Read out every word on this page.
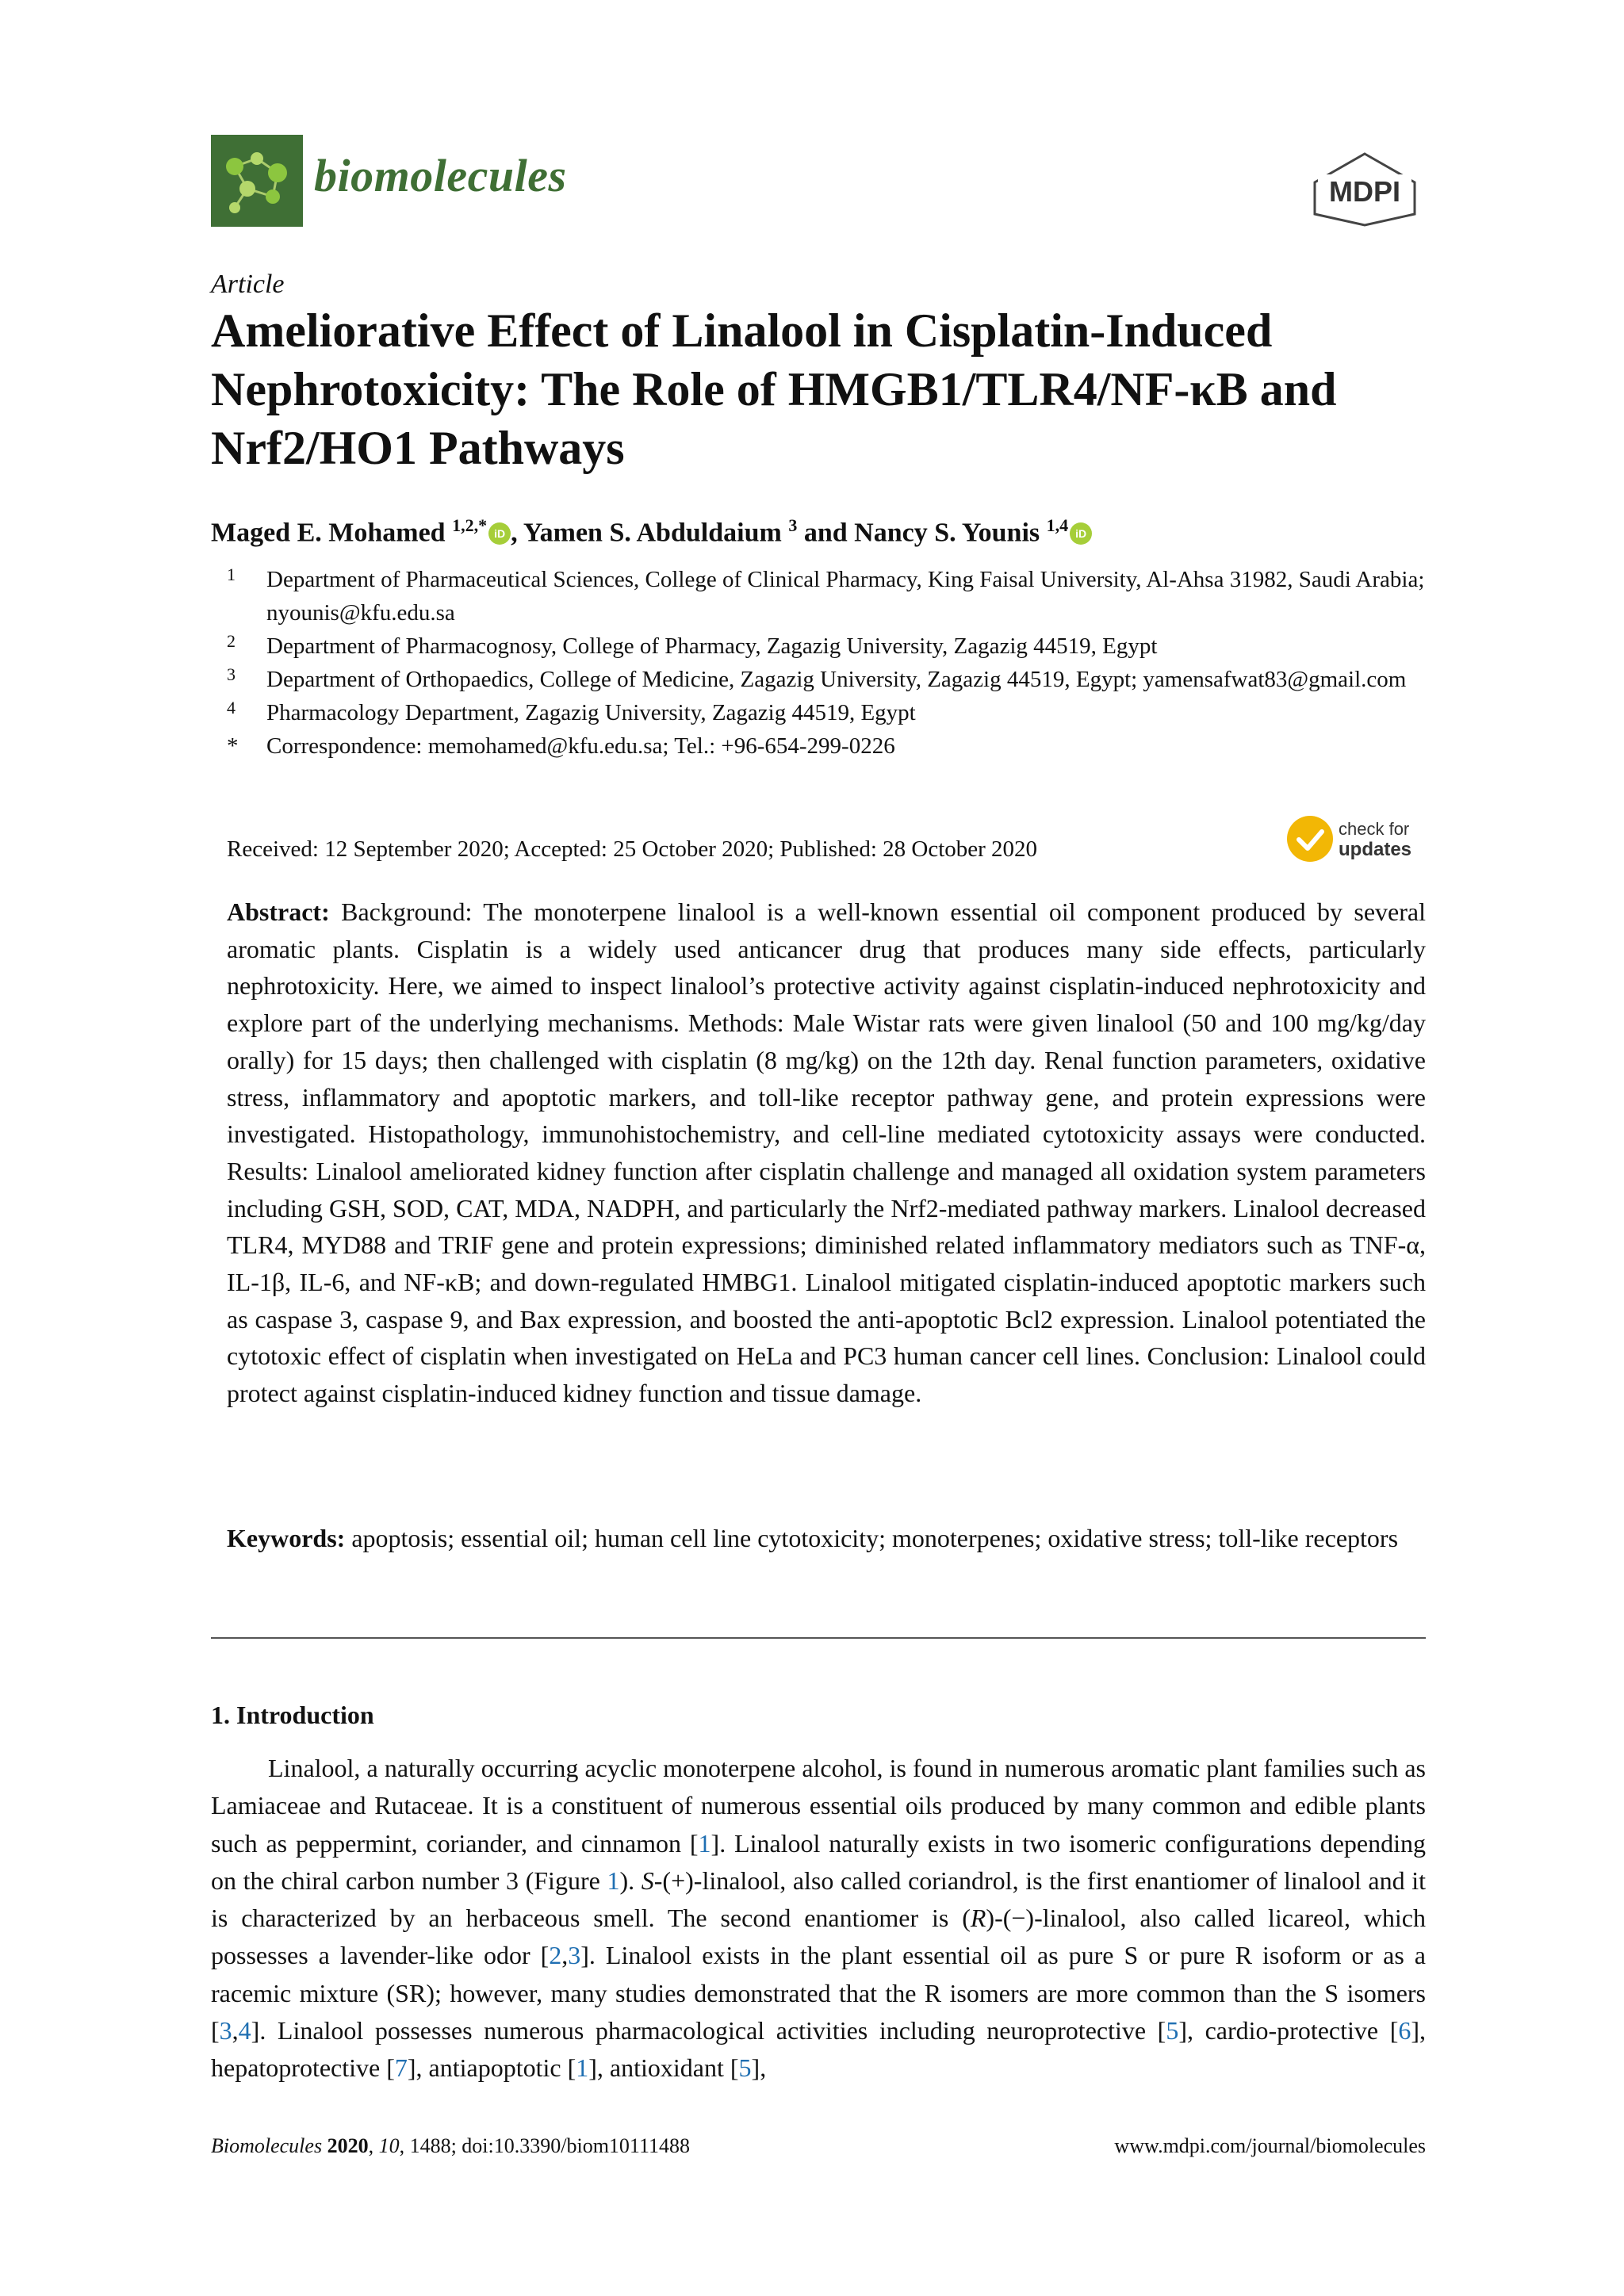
biomolecules	MDPI
Article
Ameliorative Effect of Linalool in Cisplatin-Induced Nephrotoxicity: The Role of HMGB1/TLR4/NF-κB and Nrf2/HO1 Pathways
Maged E. Mohamed $^{1,2,*}$ iD , Yamen S. Abduldaium $^3$ and Nancy S. Younis $^{1,4}$ iD
1	Department of Pharmaceutical Sciences, College of Clinical Pharmacy, King Faisal University, Al-Ahsa 31982, Saudi Arabia; nyounis@kfu.edu.sa
2	Department of Pharmacognosy, College of Pharmacy, Zagazig University, Zagazig 44519, Egypt
3	Department of Orthopaedics, College of Medicine, Zagazig University, Zagazig 44519, Egypt; yamensafwat83@gmail.com
4	Pharmacology Department, Zagazig University, Zagazig 44519, Egypt
*	Correspondence: memohamed@kfu.edu.sa; Tel.: +96-654-299-0226
Received: 12 September 2020; Accepted: 25 October 2020; Published: 28 October 2020
check for
updates

Abstract: Background: The monoterpene linalool is a well-known essential oil component produced by several aromatic plants. Cisplatin is a widely used anticancer drug that produces many side effects, particularly nephrotoxicity. Here, we aimed to inspect linalool’s protective activity against cisplatin-induced nephrotoxicity and explore part of the underlying mechanisms. Methods: Male Wistar rats were given linalool (50 and 100 mg/kg/day orally) for 15 days; then challenged with cisplatin (8 mg/kg) on the 12th day. Renal function parameters, oxidative stress, inflammatory and apoptotic markers, and toll-like receptor pathway gene, and protein expressions were investigated. Histopathology, immunohistochemistry, and cell-line mediated cytotoxicity assays were conducted. Results: Linalool ameliorated kidney function after cisplatin challenge and managed all oxidation system parameters including GSH, SOD, CAT, MDA, NADPH, and particularly the Nrf2-mediated pathway markers. Linalool decreased TLR4, MYD88 and TRIF gene and protein expressions; diminished related inflammatory mediators such as TNF-α, IL-1β, IL-6, and NF-κB; and down-regulated HMBG1. Linalool mitigated cisplatin-induced apoptotic markers such as caspase 3, caspase 9, and Bax expression, and boosted the anti-apoptotic Bcl2 expression. Linalool potentiated the cytotoxic effect of cisplatin when investigated on HeLa and PC3 human cancer cell lines. Conclusion: Linalool could protect against cisplatin-induced kidney function and tissue damage.

Keywords: apoptosis; essential oil; human cell line cytotoxicity; monoterpenes; oxidative stress; toll-like receptors

1. Introduction

Linalool, a naturally occurring acyclic monoterpene alcohol, is found in numerous aromatic plant families such as Lamiaceae and Rutaceae. It is a constituent of numerous essential oils produced by many common and edible plants such as peppermint, coriander, and cinnamon [1]. Linalool naturally exists in two isomeric configurations depending on the chiral carbon number 3 (Figure 1). S-(+)-linalool, also called coriandrol, is the first enantiomer of linalool and it is characterized by an herbaceous smell. The second enantiomer is (R)-(−)-linalool, also called licareol, which possesses a lavender-like odor [2,3]. Linalool exists in the plant essential oil as pure S or pure R isoform or as a racemic mixture (SR); however, many studies demonstrated that the R isomers are more common than the S isomers [3,4]. Linalool possesses numerous pharmacological activities including neuroprotective [5], cardio-protective [6], hepatoprotective [7], antiapoptotic [1], antioxidant [5],

Biomolecules 2020, 10, 1488; doi:10.3390/biom10111488	www.mdpi.com/journal/biomolecules
